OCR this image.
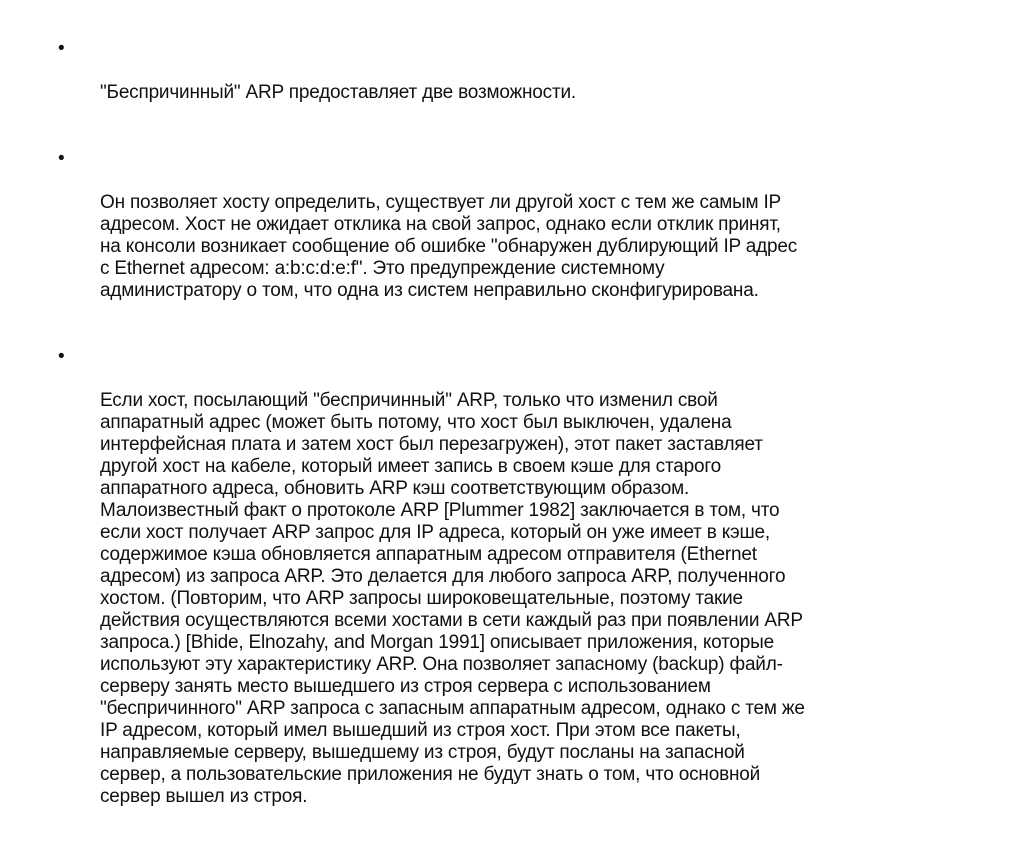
•

"Беспричинный" ARP предоставляет две возможности.

•

Он позволяет хосту определить, существует ли другой хост с тем же самым IP
адресом. Хост не ожидает отклика на свой запрос, однако если отклик принят,
на консоли возникает сообщение об ошибке "обнаружен дублирующий IP адрес
с Ethernet адресом: a:b:c:d:e:f". Это предупреждение системному
администратору о том, что одна из систем неправильно сконфигурирована.

•

Если хост, посылающий "беспричинный" ARP, только что изменил свой
аппаратный адрес (может быть потому, что хост был выключен, удалена
интерфейсная плата и затем хост был перезагружен), этот пакет заставляет
другой хост на кабеле, который имеет запись в своем кэше для старого
аппаратного адреса, обновить ARP кэш соответствующим образом.
Малоизвестный факт о протоколе ARP [Plummer 1982] заключается в том, что
если хост получает ARP запрос для IP адреса, который он уже имеет в кэше,
содержимое кэша обновляется аппаратным адресом отправителя (Ethernet
адресом) из запроса ARP. Это делается для любого запроса ARP, полученного
хостом. (Повторим, что ARP запросы широковещательные, поэтому такие
действия осуществляются всеми хостами в сети каждый раз при появлении ARP
запроса.) [Bhide, Elnozahy, and Morgan 1991] описывает приложения, которые
используют эту характеристику ARP. Она позволяет запасному (backup) файл-
серверу занять место вышедшего из строя сервера с использованием
"беспричинного" ARP запроса с запасным аппаратным адресом, однако с тем же
IP адресом, который имел вышедший из строя хост. При этом все пакеты,
направляемые серверу, вышедшему из строя, будут посланы на запасной
сервер, а пользовательские приложения не будут знать о том, что основной
сервер вышел из строя.
